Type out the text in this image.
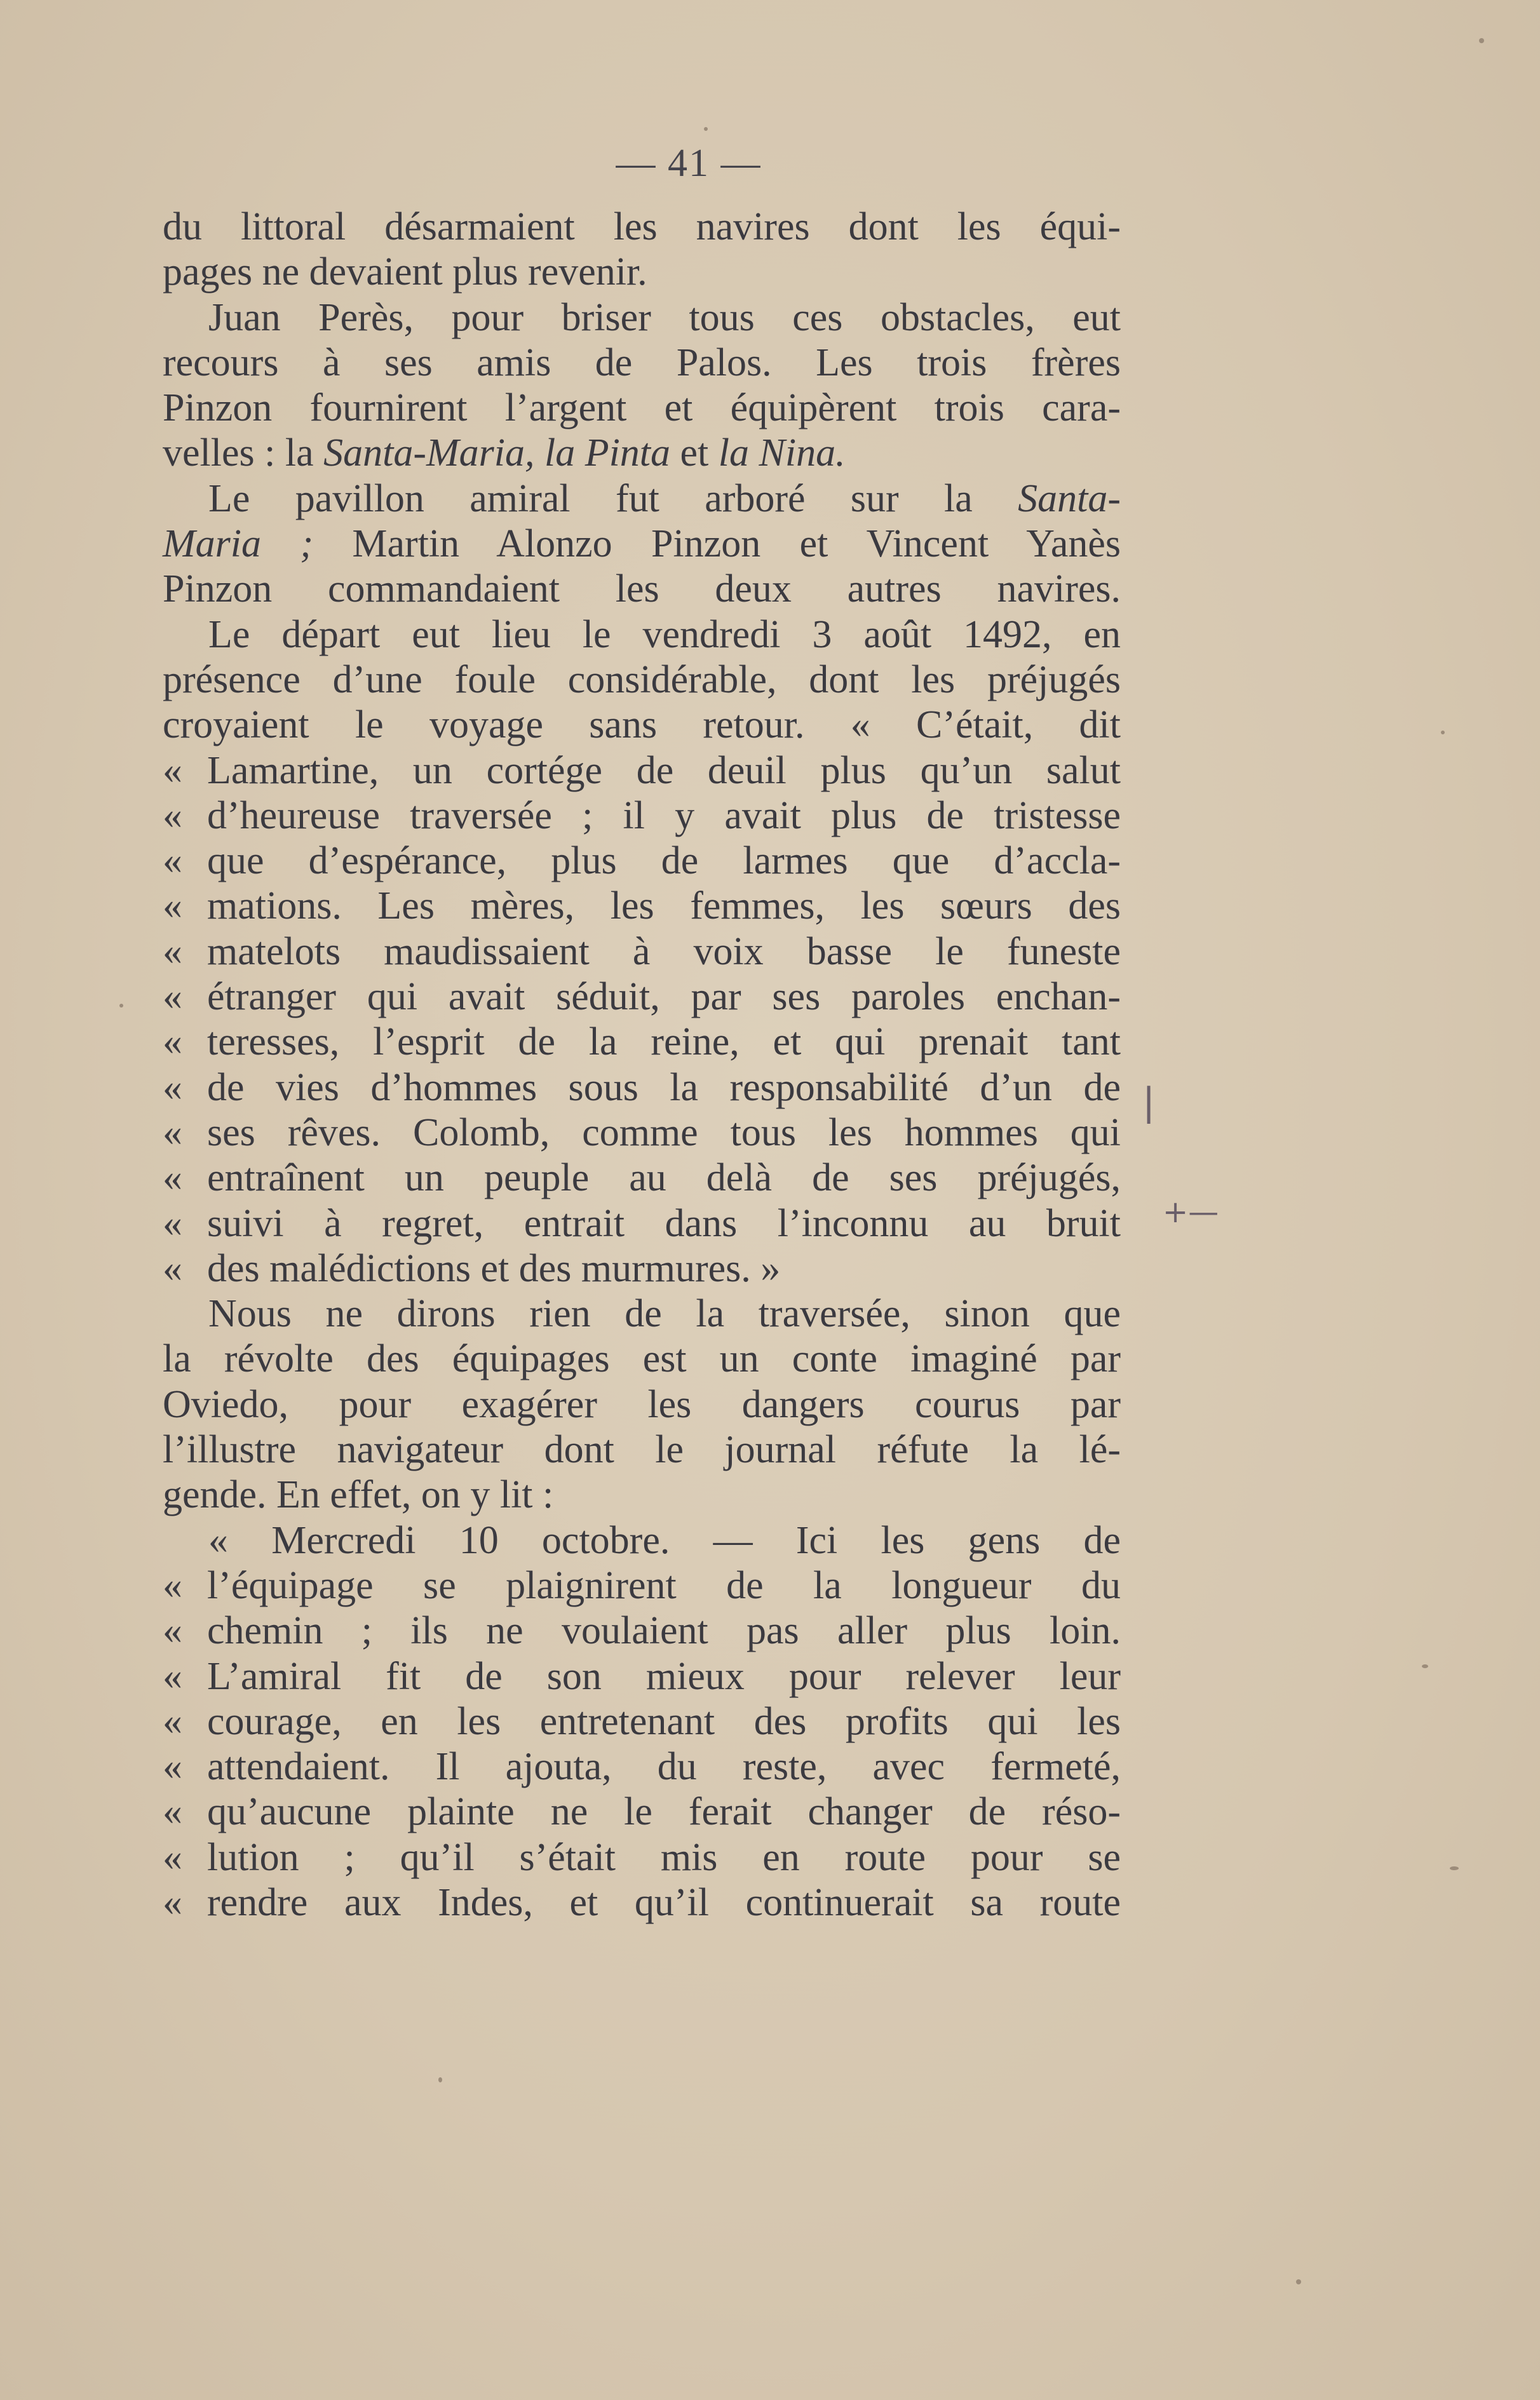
— 41 —
du littoral désarmaient les navires dont les équi-
pages ne devaient plus revenir.
Juan Perès, pour briser tous ces obstacles, eut
recours à ses amis de Palos. Les trois frères
Pinzon fournirent l’argent et équipèrent trois cara-
velles : la Santa-Maria, la Pinta et la Nina.
Le pavillon amiral fut arboré sur la Santa-
Maria ; Martin Alonzo Pinzon et Vincent Yanès
Pinzon commandaient les deux autres navires.
Le départ eut lieu le vendredi 3 août 1492, en
présence d’une foule considérable, dont les préjugés
croyaient le voyage sans retour. « C’était, dit
« Lamartine, un cortége de deuil plus qu’un salut
« d’heureuse traversée ; il y avait plus de tristesse
« que d’espérance, plus de larmes que d’accla-
« mations. Les mères, les femmes, les sœurs des
« matelots maudissaient à voix basse le funeste
« étranger qui avait séduit, par ses paroles enchan-
« teresses, l’esprit de la reine, et qui prenait tant
« de vies d’hommes sous la responsabilité d’un de
« ses rêves. Colomb, comme tous les hommes qui
« entraînent un peuple au delà de ses préjugés,
« suivi à regret, entrait dans l’inconnu au bruit
« des malédictions et des murmures. »
Nous ne dirons rien de la traversée, sinon que
la révolte des équipages est un conte imaginé par
Oviedo, pour exagérer les dangers courus par
l’illustre navigateur dont le journal réfute la lé-
gende. En effet, on y lit :
« Mercredi 10 octobre. — Ici les gens de
« l’équipage se plaignirent de la longueur du
« chemin ; ils ne voulaient pas aller plus loin.
« L’amiral fit de son mieux pour relever leur
« courage, en les entretenant des profits qui les
« attendaient. Il ajouta, du reste, avec fermeté,
« qu’aucune plainte ne le ferait changer de réso-
« lution ; qu’il s’était mis en route pour se
« rendre aux Indes, et qu’il continuerait sa route
|
+—
